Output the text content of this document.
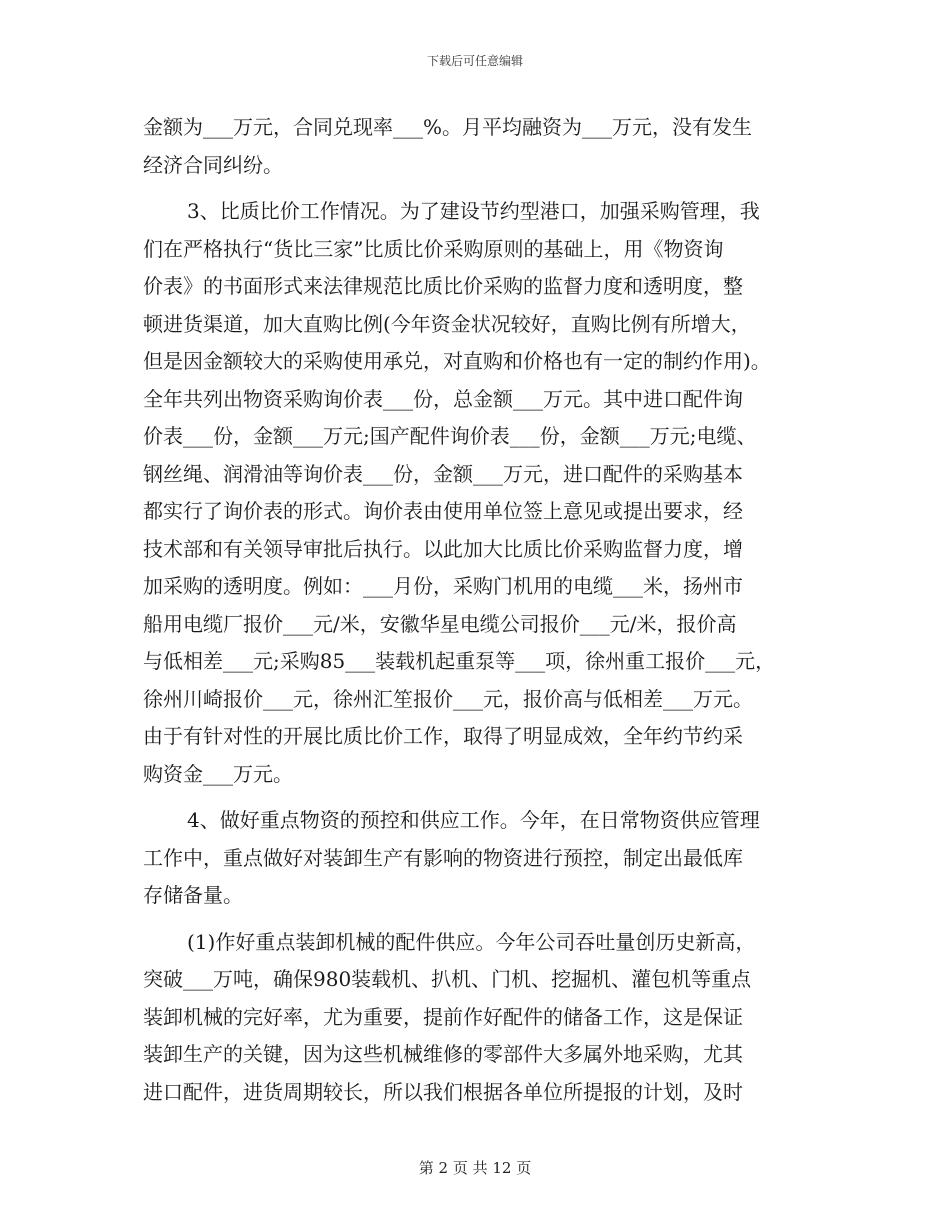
下载后可任意编辑
金额为___万元，合同兑现率___%。月平均融资为___万元，没有发生
经济合同纠纷。
3、比质比价工作情况。为了建设节约型港口，加强采购管理，我
们在严格执行“货比三家”比质比价采购原则的基础上，用《物资询
价表》的书面形式来法律规范比质比价采购的监督力度和透明度，整
顿进货渠道，加大直购比例(今年资金状况较好，直购比例有所增大，
但是因金额较大的采购使用承兑，对直购和价格也有一定的制约作用)。
全年共列出物资采购询价表___份，总金额___万元。其中进口配件询
价表___份，金额___万元;国产配件询价表___份，金额___万元;电缆、
钢丝绳、润滑油等询价表___份，金额___万元，进口配件的采购基本
都实行了询价表的形式。询价表由使用单位签上意见或提出要求，经
技术部和有关领导审批后执行。以此加大比质比价采购监督力度，增
加采购的透明度。例如：___月份，采购门机用的电缆___米，扬州市
船用电缆厂报价___元/米，安徽华星电缆公司报价___元/米，报价高
与低相差___元;采购85___装载机起重泵等___项，徐州重工报价___元，
徐州川崎报价___元，徐州汇笙报价___元，报价高与低相差___万元。
由于有针对性的开展比质比价工作，取得了明显成效，全年约节约采
购资金___万元。
4、做好重点物资的预控和供应工作。今年，在日常物资供应管理
工作中，重点做好对装卸生产有影响的物资进行预控，制定出最低库
存储备量。
(1)作好重点装卸机械的配件供应。今年公司吞吐量创历史新高，
突破___万吨，确保980装载机、扒机、门机、挖掘机、灌包机等重点
装卸机械的完好率，尤为重要，提前作好配件的储备工作，这是保证
装卸生产的关键，因为这些机械维修的零部件大多属外地采购，尤其
进口配件，进货周期较长，所以我们根据各单位所提报的计划，及时
第 2 页 共 12 页
